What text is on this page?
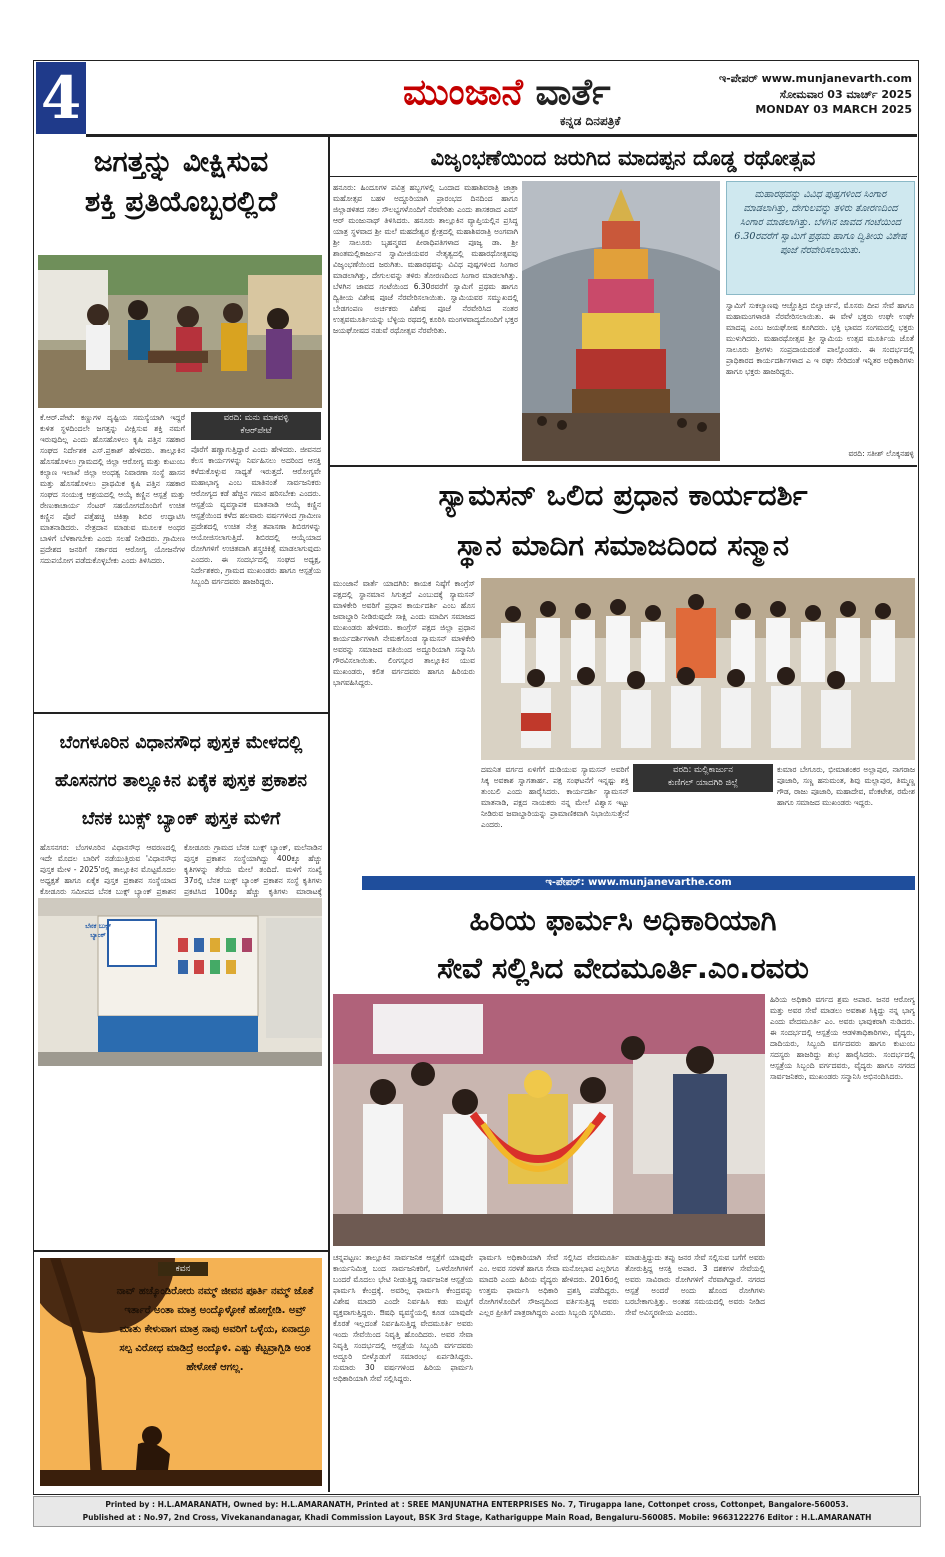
4	ಮುಂಜಾನೆ ವಾರ್ತೆ
ಕನ್ನಡ ದಿನಪತ್ರಿಕೆ
ಇ-ಪೇಪರ್ www.munjanevarth.com
ಸೋಮವಾರ 03 ಮಾರ್ಚ್ 2025
MONDAY 03 MARCH 2025
ಜಗತ್ತನ್ನು ವೀಕ್ಷಿಸುವ
ಶಕ್ತಿ ಪ್ರತಿಯೊಬ್ಬರಲ್ಲಿದೆ
ಕೆ.ಆರ್.ಪೇಟೆ: ಕಣ್ಣುಗಳ ದೃಷ್ಟಿಯ ಸಮಸ್ಯೆಯಾಗಿ ಇದ್ದರೆ ಕುಳಿತ ಸ್ಥಳದಿಂದಲೇ ಜಗತ್ತನ್ನು ವೀಕ್ಷಿಸುವ ಶಕ್ತಿ ನಮಗೆ ಇರುವುದಿಲ್ಲ ಎಂದು ಹೊಸಹೊಳಲು ಕೃಷಿ ಪತ್ತಿನ ಸಹಕಾರ ಸಂಘದ ನಿರ್ದೇಶಕ ಎಸ್.ಪ್ರಕಾಶ್ ಹೇಳಿದರು. ತಾಲ್ಲೂಕಿನ ಹೊಸಹೊಳಲು ಗ್ರಾಮದಲ್ಲಿ ಜಿಲ್ಲಾ ಆರೋಗ್ಯ ಮತ್ತು ಕುಟುಂಬ ಕಲ್ಯಾಣ ಇಲಾಖೆ ಜಿಲ್ಲಾ ಅಂಧತ್ವ ನಿವಾರಣಾ ಸಂಸ್ಥೆ ಹಾಸನ ಮತ್ತು ಹೊಸಹೊಳಲು ಪ್ರಾಥಮಿಕ ಕೃಷಿ ಪತ್ತಿನ ಸಹಕಾರ ಸಂಘದ ಸಂಯುಕ್ತ ಆಶ್ರಯದಲ್ಲಿ ಆಯ್ಕೆ ಕಣ್ಣಿನ ಆಸ್ಪತ್ರೆ ಮತ್ತು ರೇಣುಕಾಚಾರ್ಯ ಸೆಂಟರ್ ಸಹಯೋಗದೊಂದಿಗೆ ಉಚಿತ ಕಣ್ಣಿನ ಪೊರೆ ಪತ್ತೆಹಚ್ಚಿ ಚಿಕಿತ್ಸಾ ಶಿಬಿರ ಉದ್ಘಾಟಿಸಿ ಮಾತನಾಡಿದರು. ನೇತ್ರದಾನ ಮಾಡುವ ಮೂಲಕ ಅಂಧರ ಬಾಳಿಗೆ ಬೆಳಕಾಗಬೇಕು ಎಂದು ಸಲಹೆ ನೀಡಿದರು. ಗ್ರಾಮೀಣ ಪ್ರದೇಶದ ಜನರಿಗೆ ಸರ್ಕಾರದ ಆರೋಗ್ಯ ಯೋಜನೆಗಳ ಸದುಪಯೋಗ ಪಡೆದುಕೊಳ್ಳಬೇಕು ಎಂದು ತಿಳಿಸಿದರು.
ವರದಿ: ಮನು ಮಾಕವಳ್ಳಿ
ಕೆಆರ್‌ಪೇಟೆ
ಪೊರೆಗೆ ಹಣ್ಣಾಗುತ್ತಿದ್ದಾರೆ ಎಂದು ಹೇಳಿದರು. ಜೀವನದ ಕೆಲಸ ಕಾರ್ಯಗಳನ್ನು ನಿರ್ವಹಿಸಲು ಅದರಿಂದ ಆಸಕ್ತಿ ಕಳೆದುಕೊಳ್ಳುವ ಸಾಧ್ಯತೆ ಇರುತ್ತದೆ. ಆರೋಗ್ಯವೇ ಮಹಾಭಾಗ್ಯ ಎಂಬ ಮಾತಿನಂತೆ ಸಾರ್ವಜನಿಕರು ಆರೋಗ್ಯದ ಕಡೆ ಹೆಚ್ಚಿನ ಗಮನ ಹರಿಸಬೇಕು ಎಂದರು. ಆಸ್ಪತ್ರೆಯ ವ್ಯವಸ್ಥಾಪಕ ಮಾತನಾಡಿ ಆಯ್ಕೆ ಕಣ್ಣಿನ ಆಸ್ಪತ್ರೆಯಿಂದ ಕಳೆದ ಹಲವಾರು ವರ್ಷಗಳಿಂದ ಗ್ರಾಮೀಣ ಪ್ರದೇಶದಲ್ಲಿ ಉಚಿತ ನೇತ್ರ ತಪಾಸಣಾ ಶಿಬಿರಗಳನ್ನು ಆಯೋಜಿಸಲಾಗುತ್ತಿದೆ. ಶಿಬಿರದಲ್ಲಿ ಆಯ್ಕೆಯಾದ ರೋಗಿಗಳಿಗೆ ಉಚಿತವಾಗಿ ಶಸ್ತ್ರಚಿಕಿತ್ಸೆ ಮಾಡಲಾಗುವುದು ಎಂದರು. ಈ ಸಂದರ್ಭದಲ್ಲಿ ಸಂಘದ ಅಧ್ಯಕ್ಷ, ನಿರ್ದೇಶಕರು, ಗ್ರಾಮದ ಮುಖಂಡರು ಹಾಗೂ ಆಸ್ಪತ್ರೆಯ ಸಿಬ್ಬಂದಿ ವರ್ಗದವರು ಹಾಜರಿದ್ದರು.
ವಿಜೃಂಭಣೆಯಿಂದ ಜರುಗಿದ ಮಾದಪ್ಪನ ದೊಡ್ಡ ರಥೋತ್ಸವ
ಹನೂರು: ಹಿಂದೂಗಳ ಪವಿತ್ರ ಹಬ್ಬಗಳಲ್ಲಿ ಒಂದಾದ ಮಹಾಶಿವರಾತ್ರಿ ಜಾತ್ರಾ ಮಹೋತ್ಸವ ಬಹಳ ಅದ್ದೂರಿಯಾಗಿ ಪ್ರಾರಂಭದ ದಿನದಿಂದ ಹಾಗೂ ಜಿಲ್ಲಾಡಳಿತದ ಸಕಲ ಸೌಲಭ್ಯಗಳೊಂದಿಗೆ ನೆರವೇರಿತು ಎಂದು ಶಾಸಕರಾದ ಎಮ್ ಆರ್ ಮಂಜುನಾಥ್ ತಿಳಿಸಿದರು. ಹನೂರು ತಾಲ್ಲೂಕಿನ ವ್ಯಾಪ್ತಿಯಲ್ಲಿನ ಪ್ರಸಿದ್ಧ ಯಾತ್ರ ಸ್ಥಳವಾದ ಶ್ರೀ ಮಲೆ ಮಹದೇಶ್ವರ ಕ್ಷೇತ್ರದಲ್ಲಿ ಮಹಾಶಿವರಾತ್ರಿ ಅಂಗವಾಗಿ ಶ್ರೀ ಸಾಲೂರು ಬೃಹನ್ಮಠದ ಪೀಠಾಧಿಪತಿಗಳಾದ ಪೂಜ್ಯ ಡಾ. ಶ್ರೀ ಶಾಂತಮಲ್ಲಿಕಾರ್ಜುನ ಸ್ವಾಮೀಜಿಯವರ ನೇತೃತ್ವದಲ್ಲಿ ಮಹಾರಥೋತ್ಸವವು ವಿಜೃಂಭಣೆಯಿಂದ ಜರುಗಿತು. ಮಹಾರಥವನ್ನು ವಿವಿಧ ಪುಷ್ಪಗಳಿಂದ ಸಿಂಗಾರ ಮಾಡಲಾಗಿತ್ತು, ದೇಗುಲವನ್ನು ತಳಿರು ತೋರಣದಿಂದ ಸಿಂಗಾರ ಮಾಡಲಾಗಿತ್ತು. ಬೆಳಗಿನ ಜಾವದ ಗಂಟೆಯಿಂದ 6.30ರವರೆಗೆ ಸ್ವಾಮಿಗೆ ಪ್ರಥಮ ಹಾಗೂ ದ್ವಿತೀಯ ವಿಶೇಷ ಪೂಜೆ ನೆರವೇರಿಸಲಾಯಿತು. ಸ್ವಾಮಿಯವರ ಸಮ್ಮುಖದಲ್ಲಿ ಬೇಡಗಂಪಣ ಅರ್ಚಕರು ವಿಶೇಷ ಪೂಜೆ ನೆರವೇರಿಸಿದ ನಂತರ ಉತ್ಸವಮೂರ್ತಿಯನ್ನು ಬೆಳ್ಳಿಯ ರಥದಲ್ಲಿ ಕೂರಿಸಿ ಮಂಗಳವಾದ್ಯದೊಂದಿಗೆ ಭಕ್ತರ ಜಯಘೋಷದ ನಡುವೆ ರಥೋತ್ಸವ ನೆರವೇರಿತು.
ಮಹಾರಥವನ್ನು ವಿವಿಧ ಪುಷ್ಪಗಳಿಂದ ಸಿಂಗಾರ ಮಾಡಲಾಗಿತ್ತು, ದೇಗುಲವನ್ನು ತಳಿರು ತೋರಣದಿಂದ ಸಿಂಗಾರ ಮಾಡಲಾಗಿತ್ತು. ಬೆಳಗಿನ ಜಾವದ ಗಂಟೆಯಿಂದ 6.30ರವರೆಗೆ ಸ್ವಾಮಿಗೆ ಪ್ರಥಮ ಹಾಗೂ ದ್ವಿತೀಯ ವಿಶೇಷ ಪೂಜೆ ನೆರವೇರಿಸಲಾಯಿತು.
ಸ್ವಾಮಿಗೆ ಸುಕಲ್ಯಾಣವು ಆಚ್ಚೊತ್ತಿದ ಬಿಲ್ವಾರ್ಚನೆ, ಮೊಸರು ದೀಪ ಸೇವೆ ಹಾಗೂ ಮಹಾಮಂಗಳಾರತಿ ನೆರವೇರಿಸಲಾಯಿತು. ಈ ವೇಳೆ ಭಕ್ತರು ಉಘೇ ಉಘೇ ಮಾದಪ್ಪ ಎಂಬ ಜಯಘೋಷ ಕೂಗಿದರು. ಭಕ್ತಿ ಭಾವದ ಸಂಗಮದಲ್ಲಿ ಭಕ್ತರು ಮುಳುಗಿದರು. ಮಹಾರಥೋತ್ಸವ ಶ್ರೀ ಸ್ವಾಮಿಯ ಉತ್ಸವ ಮೂರ್ತಿಯ ಜೊತೆ ಸಾಲೂರು ಶ್ರೀಗಳು ಸಂಪ್ರದಾಯದಂತೆ ಪಾಲ್ಗೊಂಡರು. ಈ ಸಂದರ್ಭದಲ್ಲಿ ಪ್ರಾಧಿಕಾರದ ಕಾರ್ಯದರ್ಶಿಗಳಾದ ಎ ಇ ರಘು ಸೇರಿದಂತೆ ಇನ್ನಿತರ ಅಧಿಕಾರಿಗಳು ಹಾಗೂ ಭಕ್ತರು ಹಾಜರಿದ್ದರು.
ವರದಿ: ಸತೀಶ್ ಲೊಕ್ಕನಹಳ್ಳಿ
ಸ್ಯಾಮಸನ್ ಒಲಿದ ಪ್ರಧಾನ ಕಾರ್ಯದರ್ಶಿ
ಸ್ಥಾನ ಮಾದಿಗ ಸಮಾಜದಿಂದ ಸನ್ಮಾನ
ಮುಂಜಾನೆ ವಾರ್ತೆ ಯಾದಗಿರಿ: ಕಾಯಕ ನಿಷ್ಠೆಗೆ ಕಾಂಗ್ರೆಸ್ ಪಕ್ಷದಲ್ಲಿ ಸ್ಥಾನಮಾನ ಸಿಗುತ್ತದೆ ಎಂಬುದಕ್ಕೆ ಸ್ಯಾಮಸನ್ ಮಾಳಿಕೇರಿ ಅವರಿಗೆ ಪ್ರಧಾನ ಕಾರ್ಯದರ್ಶಿ ಎಂಬ ಹೊಸ ಜವಾಬ್ದಾರಿ ನೀಡಿರುವುದೇ ಸಾಕ್ಷಿ ಎಂದು ಮಾದಿಗ ಸಮಾಜದ ಮುಖಂಡರು ಹೇಳಿದರು. ಕಾಂಗ್ರೆಸ್ ಪಕ್ಷದ ಜಿಲ್ಲಾ ಪ್ರಧಾನ ಕಾರ್ಯದರ್ಶಿಗಳಾಗಿ ನೇಮಕಗೊಂಡ ಸ್ಯಾಮಸನ್ ಮಾಳಿಕೇರಿ ಅವರನ್ನು ಸಮಾಜದ ವತಿಯಿಂದ ಅದ್ದೂರಿಯಾಗಿ ಸನ್ಮಾನಿಸಿ ಗೌರವಿಸಲಾಯಿತು. ಲಿಂಗಸ್ಗೂರ ತಾಲ್ಲೂಕಿನ ಯುವ ಮುಖಂಡರು, ಕಲಿತ ವರ್ಗದವರು ಹಾಗೂ ಹಿರಿಯರು ಭಾಗವಹಿಸಿದ್ದರು.
ದಮನಿತ ವರ್ಗದ ಏಳಿಗೆಗೆ ದುಡಿಯುವ ಸ್ಯಾಮಸನ್ ಅವರಿಗೆ ಸಿಕ್ಕ ಅವಕಾಶ ಸ್ವಾಗತಾರ್ಹ. ಪಕ್ಷ ಸಂಘಟನೆಗೆ ಇನ್ನಷ್ಟು ಶಕ್ತಿ ತುಂಬಲಿ ಎಂದು ಹಾರೈಸಿದರು. ಕಾರ್ಯದರ್ಶಿ ಸ್ಯಾಮಸನ್ ಮಾತನಾಡಿ, ಪಕ್ಷದ ನಾಯಕರು ನನ್ನ ಮೇಲೆ ವಿಶ್ವಾಸ ಇಟ್ಟು ನೀಡಿರುವ ಜವಾಬ್ದಾರಿಯನ್ನು ಪ್ರಾಮಾಣಿಕವಾಗಿ ನಿಭಾಯಿಸುತ್ತೇನೆ ಎಂದರು.
ವರದಿ: ಮಲ್ಲಿಕಾರ್ಜುನ
ಕುಣಿಗಲ್ ಯಾದಗಿರಿ ಜಿಲ್ಲೆ
ಕುಮಾರ ಬೇಗೂರು, ಭೀಮಾಶಂಕರ ಅಲ್ಲಾಪುರ, ನಾಗರಾಜ ಪೂಜಾರಿ, ಸಣ್ಣ ಹನುಮಂತ, ಶಿವು ಮಲ್ಲಾಪುರ, ತಿಮ್ಮಣ್ಣ ಗೌಡ, ರಾಜು ಪೂಜಾರಿ, ಮಹಾದೇವ, ವೆಂಕಟೇಶ, ರಮೇಶ ಹಾಗೂ ಸಮಾಜದ ಮುಖಂಡರು ಇದ್ದರು.
ಇ-ಪೇಪರ್: www.munjanevarthe.com
ಬೆಂಗಳೂರಿನ ವಿಧಾನಸೌಧ ಪುಸ್ತಕ ಮೇಳದಲ್ಲಿ
ಹೊಸನಗರ ತಾಲ್ಲೂಕಿನ ಏಕೈಕ ಪುಸ್ತಕ ಪ್ರಕಾಶನ
ಬೆನಕ ಬುಕ್ಸ್ ಬ್ಯಾಂಕ್ ಪುಸ್ತಕ ಮಳಿಗೆ
ಹೊಸನಗರ: ಬೆಂಗಳೂರಿನ ವಿಧಾನಸೌಧ ಆವರಣದಲ್ಲಿ ಇದೇ ಮೊದಲ ಬಾರಿಗೆ ನಡೆಯುತ್ತಿರುವ 'ವಿಧಾನಸೌಧ ಪುಸ್ತಕ ಮೇಳ - 2025'ರಲ್ಲಿ ತಾಲ್ಲೂಕಿನ ಮೊಟ್ಟಮೊದಲ ಅಧ್ಯಕ್ಷತೆ ಹಾಗೂ ಏಕೈಕ ಪುಸ್ತಕ ಪ್ರಕಾಶನ ಸಂಸ್ಥೆಯಾದ ಕೋಡೂರು ಸಮೀಪದ ಬೆನಕ ಬುಕ್ಸ್ ಬ್ಯಾಂಕ್ ಪ್ರಕಾಶನ
ಕೋಡೂರು ಗ್ರಾಮದ ಬೆನಕ ಬುಕ್ಸ್ ಬ್ಯಾಂಕ್, ಮಲೆನಾಡಿನ ಪುಸ್ತಕ ಪ್ರಕಾಶನ ಸಂಸ್ಥೆಯಾಗಿದ್ದು 400ಕ್ಕೂ ಹೆಚ್ಚು ಕೃತಿಗಳನ್ನು ತೆರೆಯ ಮೇಲೆ ತಂದಿದೆ. ಮಳಿಗೆ ಸಂಖ್ಯೆ 37ರಲ್ಲಿ ಬೆನಕ ಬುಕ್ಸ್ ಬ್ಯಾಂಕ್ ಪ್ರಕಾಶನ ಸಂಸ್ಥೆ ಕೃತಿಗಳು ಪ್ರಕಟಿಸಿದ 100ಕ್ಕೂ ಹೆಚ್ಚು ಕೃತಿಗಳು ಮಾರಾಟಕ್ಕೆ
ಬೆನಕ ಬುಕ್ಸ್ ಬ್ಯಾಂಕ್
ಕವನ
ನಾವ್ ಹಚ್ಕೊಂಡಿರೋರು ನಮ್ಮ್ ಜೀವನ ಪೂರ್ತಿ ನಮ್ಮ್ ಜೊತೆ ಇರ್ತಾರೆ ಅಂತಾ ಮಾತ್ರ ಅಂದ್ಕೊಳ್ಳೋಕೆ ಹೋಗ್ಬೇಡಿ. ಅವ್ರ್ ಮಾತು ಕೇಳುವಾಗ ಮಾತ್ರ ನಾವು ಅವರಿಗೆ ಒಳ್ಳೆಯ, ಏನಾದ್ರೂ ಸಲ್ಪ ವಿರೋಧ ಮಾಡಿದ್ರೆ ಅಂದ್ಕೊಳಿ. ಎಷ್ಟು ಕೆಟ್ಟವ್ರಾಗ್ಬಿಡಿ ಅಂತ ಹೇಳೋಕೆ ಆಗಲ್ಲ.
ಹಿರಿಯ ಫಾರ್ಮಸಿ ಅಧಿಕಾರಿಯಾಗಿ
ಸೇವೆ ಸಲ್ಲಿಸಿದ ವೇದಮೂರ್ತಿ.ಎಂ.ರವರು
ಹಿರಿಯ ಅಧಿಕಾರಿ ವರ್ಗದ ಶ್ರಮ ಅಪಾರ. ಜನರ ಆರೋಗ್ಯ ಮತ್ತು ಅವರ ಸೇವೆ ಮಾಡಲು ಅವಕಾಶ ಸಿಕ್ಕಿದ್ದು ನನ್ನ ಭಾಗ್ಯ ಎಂದು ವೇದಮೂರ್ತಿ ಎಂ. ಅವರು ಭಾವುಕರಾಗಿ ನುಡಿದರು. ಈ ಸಂದರ್ಭದಲ್ಲಿ ಆಸ್ಪತ್ರೆಯ ಆಡಳಿತಾಧಿಕಾರಿಗಳು, ವೈದ್ಯರು, ದಾದಿಯರು, ಸಿಬ್ಬಂದಿ ವರ್ಗದವರು ಹಾಗೂ ಕುಟುಂಬ ಸದಸ್ಯರು ಹಾಜರಿದ್ದು ಶುಭ ಹಾರೈಸಿದರು. ಸಂದರ್ಭದಲ್ಲಿ ಆಸ್ಪತ್ರೆಯ ಸಿಬ್ಬಂದಿ ವರ್ಗದವರು, ವೈದ್ಯರು ಹಾಗೂ ನಗರದ ಸಾರ್ವಜನಿಕರು, ಮುಖಂಡರು ಸನ್ಮಾನಿಸಿ ಅಭಿನಂದಿಸಿದರು.
ಚನ್ನಪಟ್ಟಣ: ತಾಲ್ಲೂಕಿನ ಸಾರ್ವಜನಿಕ ಆಸ್ಪತ್ರೆಗೆ ಯಾವುದೇ ಕಾರ್ಯನಿಮಿತ್ತ ಬಂದ ಸಾರ್ವಜನಿಕರಿಗೆ, ಒಳರೋಗಿಗಳಿಗೆ ಬಂದರೆ ಮೊದಲು ಭೇಟಿ ನೀಡುತ್ತಿದ್ದ ಸಾರ್ವಜನಿಕ ಆಸ್ಪತ್ರೆಯ ಫಾರ್ಮಸಿ ಕೇಂದ್ರಕ್ಕೆ. ಅವರಿಲ್ಲ ಫಾರ್ಮಸಿ ಕೇಂದ್ರವನ್ನು ವಿಶೇಷ ಮಾದರಿ ಎಂದೇ ನಿರ್ವಹಿಸಿ ಕಡು ಮಟ್ಟಿಗೆ ವ್ಯಕ್ತವಾಗುತ್ತಿದ್ದರು. ಔಷಧಿ ವ್ಯವಸ್ಥೆಯಲ್ಲಿ ಕೂಡ ಯಾವುದೇ ಕೊರತೆ ಇಲ್ಲದಂತೆ ನಿರ್ವಹಿಸುತ್ತಿದ್ದ ವೇದಮೂರ್ತಿ ಅವರು ಇಂದು ಸೇವೆಯಿಂದ ನಿವೃತ್ತಿ ಹೊಂದಿದರು. ಅವರ ಸೇವಾ ನಿವೃತ್ತಿ ಸಂದರ್ಭದಲ್ಲಿ ಆಸ್ಪತ್ರೆಯ ಸಿಬ್ಬಂದಿ ವರ್ಗದವರು ಅದ್ದೂರಿ ಬೀಳ್ಕೊಡುಗೆ ಸಮಾರಂಭ ಏರ್ಪಡಿಸಿದ್ದರು. ಸುಮಾರು 30 ವರ್ಷಗಳಿಂದ ಹಿರಿಯ ಫಾರ್ಮಸಿ ಅಧಿಕಾರಿಯಾಗಿ ಸೇವೆ ಸಲ್ಲಿಸಿದ್ದರು.
ಫಾರ್ಮಸಿ ಅಧಿಕಾರಿಯಾಗಿ ಸೇವೆ ಸಲ್ಲಿಸಿದ ವೇದಮೂರ್ತಿ ಎಂ. ಅವರ ಸರಳತೆ ಹಾಗೂ ಸೇವಾ ಮನೋಭಾವ ಎಲ್ಲರಿಗೂ ಮಾದರಿ ಎಂದು ಹಿರಿಯ ವೈದ್ಯರು ಹೇಳಿದರು. 2016ರಲ್ಲಿ ಉತ್ತಮ ಫಾರ್ಮಸಿ ಅಧಿಕಾರಿ ಪ್ರಶಸ್ತಿ ಪಡೆದಿದ್ದರು. ರೋಗಿಗಳೊಂದಿಗೆ ಸೌಜನ್ಯದಿಂದ ವರ್ತಿಸುತ್ತಿದ್ದ ಅವರು ಎಲ್ಲರ ಪ್ರೀತಿಗೆ ಪಾತ್ರರಾಗಿದ್ದರು ಎಂದು ಸಿಬ್ಬಂದಿ ಸ್ಮರಿಸಿದರು.
ಮಾಡುತ್ತಿದ್ದುದು ತಪ್ಪು ಜನರ ಸೇವೆ ಸಲ್ಲಿಸುವ ಬಗೆಗೆ ಅವರು ತೋರುತ್ತಿದ್ದ ಆಸಕ್ತಿ ಅಪಾರ. 3 ದಶಕಗಳ ಸೇವೆಯಲ್ಲಿ ಅವರು ಸಾವಿರಾರು ರೋಗಿಗಳಿಗೆ ನೆರವಾಗಿದ್ದಾರೆ. ನಗರದ ಆಸ್ಪತ್ರೆ ಅಂದರೆ ಅಂದು ಹೊಂದ ರೋಗಿಗಳು ಬರಬೇಕಾಗುತ್ತಿತ್ತು. ಅಂತಹ ಸಮಯದಲ್ಲಿ ಅವರು ನೀಡಿದ ಸೇವೆ ಅವಿಸ್ಮರಣೀಯ ಎಂದರು.
Printed by : H.L.AMARANATH, Owned by: H.L.AMARANATH, Printed at : SREE MANJUNATHA ENTERPRISES No. 7, Tirugappa lane, Cottonpet cross, Cottonpet, Bangalore-560053.
Published at : No.97, 2nd Cross, Vivekanandanagar, Khadi Commission Layout, BSK 3rd Stage, Kathariguppe Main Road, Bengaluru-560085. Mobile: 9663122276 Editor : H.L.AMARANATH
